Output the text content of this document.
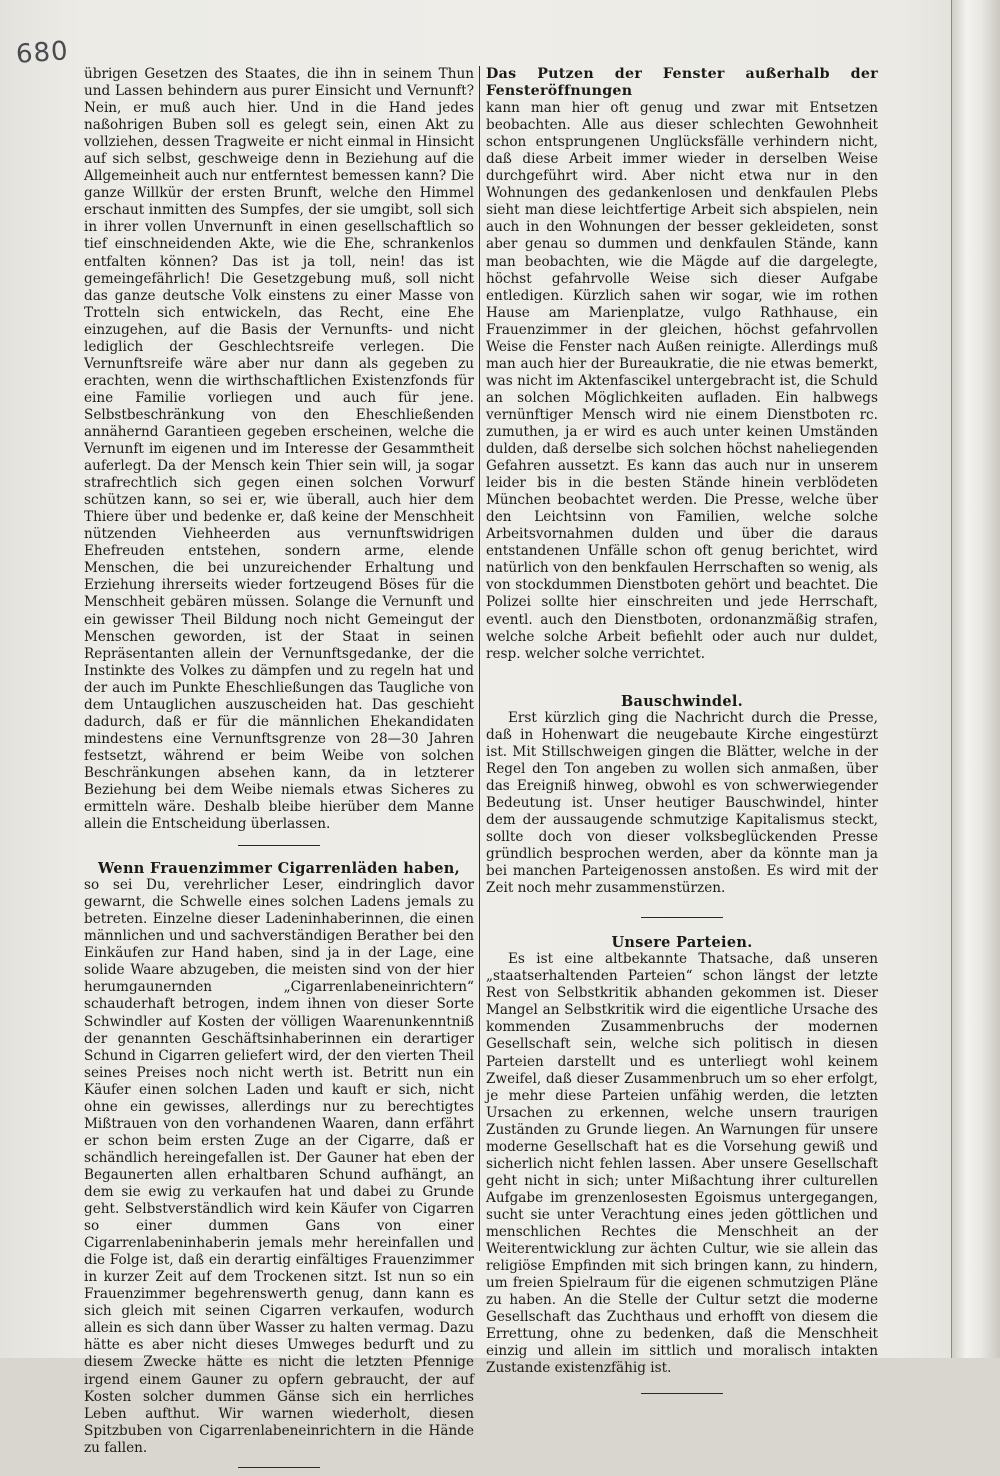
680

übrigen Gesetzen des Staates, die ihn in seinem Thun und Lassen behindern aus purer Einsicht und Vernunft? Nein, er muß auch hier. Und in die Hand jedes naßohrigen Buben soll es gelegt sein, einen Akt zu vollziehen, dessen Tragweite er nicht einmal in Hinsicht auf sich selbst, geschweige denn in Beziehung auf die Allgemeinheit auch nur entferntest bemessen kann? Die ganze Willkür der ersten Brunft, welche den Himmel erschaut inmitten des Sumpfes, der sie umgibt, soll sich in ihrer vollen Unvernunft in einen gesellschaftlich so tief einschneidenden Akte, wie die Ehe, schrankenlos entfalten können? Das ist ja toll, nein! das ist gemeingefährlich! Die Gesetzgebung muß, soll nicht das ganze deutsche Volk einstens zu einer Masse von Trotteln sich entwickeln, das Recht, eine Ehe einzugehen, auf die Basis der Vernunfts- und nicht lediglich der Geschlechtsreife verlegen. Die Vernunftsreife wäre aber nur dann als gegeben zu erachten, wenn die wirthschaftlichen Existenzfonds für eine Familie vorliegen und auch für jene. Selbstbeschränkung von den Eheschließenden annähernd Garantieen gegeben erscheinen, welche die Vernunft im eigenen und im Interesse der Gesammtheit auferlegt. Da der Mensch kein Thier sein will, ja sogar strafrechtlich sich gegen einen solchen Vorwurf schützen kann, so sei er, wie überall, auch hier dem Thiere über und bedenke er, daß keine der Menschheit nützenden Viehheerden aus vernunftswidrigen Ehefreuden entstehen, sondern arme, elende Menschen, die bei unzureichender Erhaltung und Erziehung ihrerseits wieder fortzeugend Böses für die Menschheit gebären müssen. Solange die Vernunft und ein gewisser Theil Bildung noch nicht Gemeingut der Menschen geworden, ist der Staat in seinen Repräsentanten allein der Vernunftsgedanke, der die Instinkte des Volkes zu dämpfen und zu regeln hat und der auch im Punkte Eheschließungen das Taugliche von dem Untauglichen auszuscheiden hat. Das geschieht dadurch, daß er für die männlichen Ehekandidaten mindestens eine Vernunftsgrenze von 28—30 Jahren festsetzt, während er beim Weibe von solchen Beschränkungen absehen kann, da in letzterer Beziehung bei dem Weibe niemals etwas Sicheres zu ermitteln wäre. Deshalb bleibe hierüber dem Manne allein die Entscheidung überlassen.

Wenn Frauenzimmer Cigarrenläden haben,

so sei Du, verehrlicher Leser, eindringlich davor gewarnt, die Schwelle eines solchen Ladens jemals zu betreten. Einzelne dieser Ladeninhaberinnen, die einen männlichen und und sachverständigen Berather bei den Einkäufen zur Hand haben, sind ja in der Lage, eine solide Waare abzugeben, die meisten sind von der hier herumgaunernden „Cigarrenlabeneinrichtern“ schauderhaft betrogen, indem ihnen von dieser Sorte Schwindler auf Kosten der völligen Waarenunkenntniß der genannten Geschäftsinhaberinnen ein derartiger Schund in Cigarren geliefert wird, der den vierten Theil seines Preises noch nicht werth ist. Betritt nun ein Käufer einen solchen Laden und kauft er sich, nicht ohne ein gewisses, allerdings nur zu berechtigtes Mißtrauen von den vorhandenen Waaren, dann erfährt er schon beim ersten Zuge an der Cigarre, daß er schändlich hereingefallen ist. Der Gauner hat eben der Begaunerten allen erhaltbaren Schund aufhängt, an dem sie ewig zu verkaufen hat und dabei zu Grunde geht. Selbstverständlich wird kein Käufer von Cigarren so einer dummen Gans von einer Cigarrenlabeninhaberin jemals mehr hereinfallen und die Folge ist, daß ein derartig einfältiges Frauenzimmer in kurzer Zeit auf dem Trockenen sitzt. Ist nun so ein Frauenzimmer begehrenswerth genug, dann kann es sich gleich mit seinen Cigarren verkaufen, wodurch allein es sich dann über Wasser zu halten vermag. Dazu hätte es aber nicht dieses Umweges bedurft und zu diesem Zwecke hätte es nicht die letzten Pfennige irgend einem Gauner zu opfern gebraucht, der auf Kosten solcher dummen Gänse sich ein herrliches Leben aufthut. Wir warnen wiederholt, diesen Spitzbuben von Cigarrenlabeneinrichtern in die Hände zu fallen.

Das Putzen der Fenster außerhalb der Fensteröffnungen

kann man hier oft genug und zwar mit Entsetzen beobachten. Alle aus dieser schlechten Gewohnheit schon entsprungenen Unglücksfälle verhindern nicht, daß diese Arbeit immer wieder in derselben Weise durchgeführt wird. Aber nicht etwa nur in den Wohnungen des gedankenlosen und denkfaulen Plebs sieht man diese leichtfertige Arbeit sich abspielen, nein auch in den Wohnungen der besser gekleideten, sonst aber genau so dummen und denkfaulen Stände, kann man beobachten, wie die Mägde auf die dargelegte, höchst gefahrvolle Weise sich dieser Aufgabe entledigen. Kürzlich sahen wir sogar, wie im rothen Hause am Marienplatze, vulgo Rathhause, ein Frauenzimmer in der gleichen, höchst gefahrvollen Weise die Fenster nach Außen reinigte. Allerdings muß man auch hier der Bureaukratie, die nie etwas bemerkt, was nicht im Aktenfascikel untergebracht ist, die Schuld an solchen Möglichkeiten aufladen. Ein halbwegs vernünftiger Mensch wird nie einem Dienstboten rc. zumuthen, ja er wird es auch unter keinen Umständen dulden, daß derselbe sich solchen höchst naheliegenden Gefahren aussetzt. Es kann das auch nur in unserem leider bis in die besten Stände hinein verblödeten München beobachtet werden. Die Presse, welche über den Leichtsinn von Familien, welche solche Arbeitsvornahmen dulden und über die daraus entstandenen Unfälle schon oft genug berichtet, wird natürlich von den benkfaulen Herrschaften so wenig, als von stockdummen Dienstboten gehört und beachtet. Die Polizei sollte hier einschreiten und jede Herrschaft, eventl. auch den Dienstboten, ordonanzmäßig strafen, welche solche Arbeit befiehlt oder auch nur duldet, resp. welcher solche verrichtet.

Bauschwindel.

Erst kürzlich ging die Nachricht durch die Presse, daß in Hohenwart die neugebaute Kirche eingestürzt ist. Mit Stillschweigen gingen die Blätter, welche in der Regel den Ton angeben zu wollen sich anmaßen, über das Ereigniß hinweg, obwohl es von schwerwiegender Bedeutung ist. Unser heutiger Bauschwindel, hinter dem der aussaugende schmutzige Kapitalismus steckt, sollte doch von dieser volksbeglückenden Presse gründlich besprochen werden, aber da könnte man ja bei manchen Parteigenossen anstoßen. Es wird mit der Zeit noch mehr zusammenstürzen.

Unsere Parteien.

Es ist eine altbekannte Thatsache, daß unseren „staatserhaltenden Parteien“ schon längst der letzte Rest von Selbstkritik abhanden gekommen ist. Dieser Mangel an Selbstkritik wird die eigentliche Ursache des kommenden Zusammenbruchs der modernen Gesellschaft sein, welche sich politisch in diesen Parteien darstellt und es unterliegt wohl keinem Zweifel, daß dieser Zusammenbruch um so eher erfolgt, je mehr diese Parteien unfähig werden, die letzten Ursachen zu erkennen, welche unsern traurigen Zuständen zu Grunde liegen. An Warnungen für unsere moderne Gesellschaft hat es die Vorsehung gewiß und sicherlich nicht fehlen lassen. Aber unsere Gesellschaft geht nicht in sich; unter Mißachtung ihrer culturellen Aufgabe im grenzenlosesten Egoismus untergegangen, sucht sie unter Verachtung eines jeden göttlichen und menschlichen Rechtes die Menschheit an der Weiterentwicklung zur ächten Cultur, wie sie allein das religiöse Empfinden mit sich bringen kann, zu hindern, um freien Spielraum für die eigenen schmutzigen Pläne zu haben. An die Stelle der Cultur setzt die moderne Gesellschaft das Zuchthaus und erhofft von diesem die Errettung, ohne zu bedenken, daß die Menschheit einzig und allein im sittlich und moralisch intakten Zustande existenzfähig ist.
